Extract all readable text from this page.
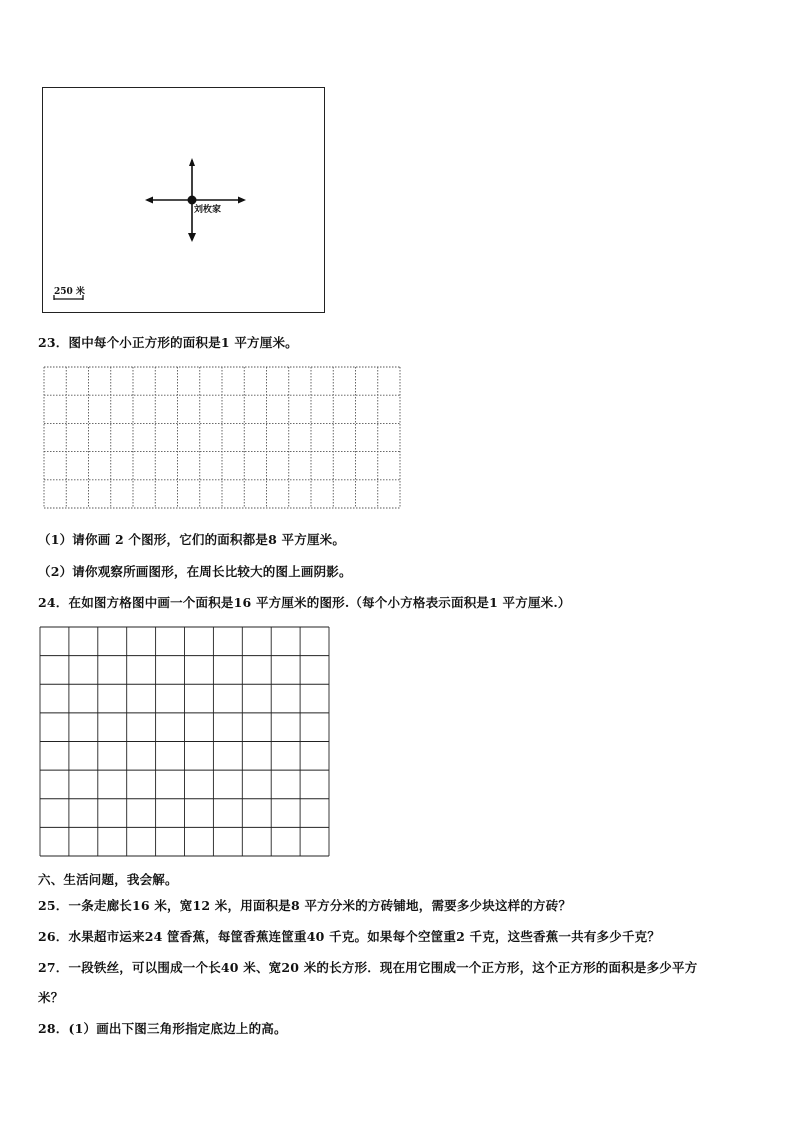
刘枚家
250 米
23．图中每个小正方形的面积是1 平方厘米。
（1）请你画 2 个图形，它们的面积都是8 平方厘米。
（2）请你观察所画图形，在周长比较大的图上画阴影。
24．在如图方格图中画一个面积是16 平方厘米的图形.（每个小方格表示面积是1 平方厘米.）
六、生活问题，我会解。
25．一条走廊长16 米，宽12 米，用面积是8 平方分米的方砖铺地，需要多少块这样的方砖？
26．水果超市运来24 筐香蕉，每筐香蕉连筐重40 千克。如果每个空筐重2 千克，这些香蕉一共有多少千克？
27．一段铁丝，可以围成一个长40 米、宽20 米的长方形．现在用它围成一个正方形，这个正方形的面积是多少平方
米？
28．(1）画出下图三角形指定底边上的高。
